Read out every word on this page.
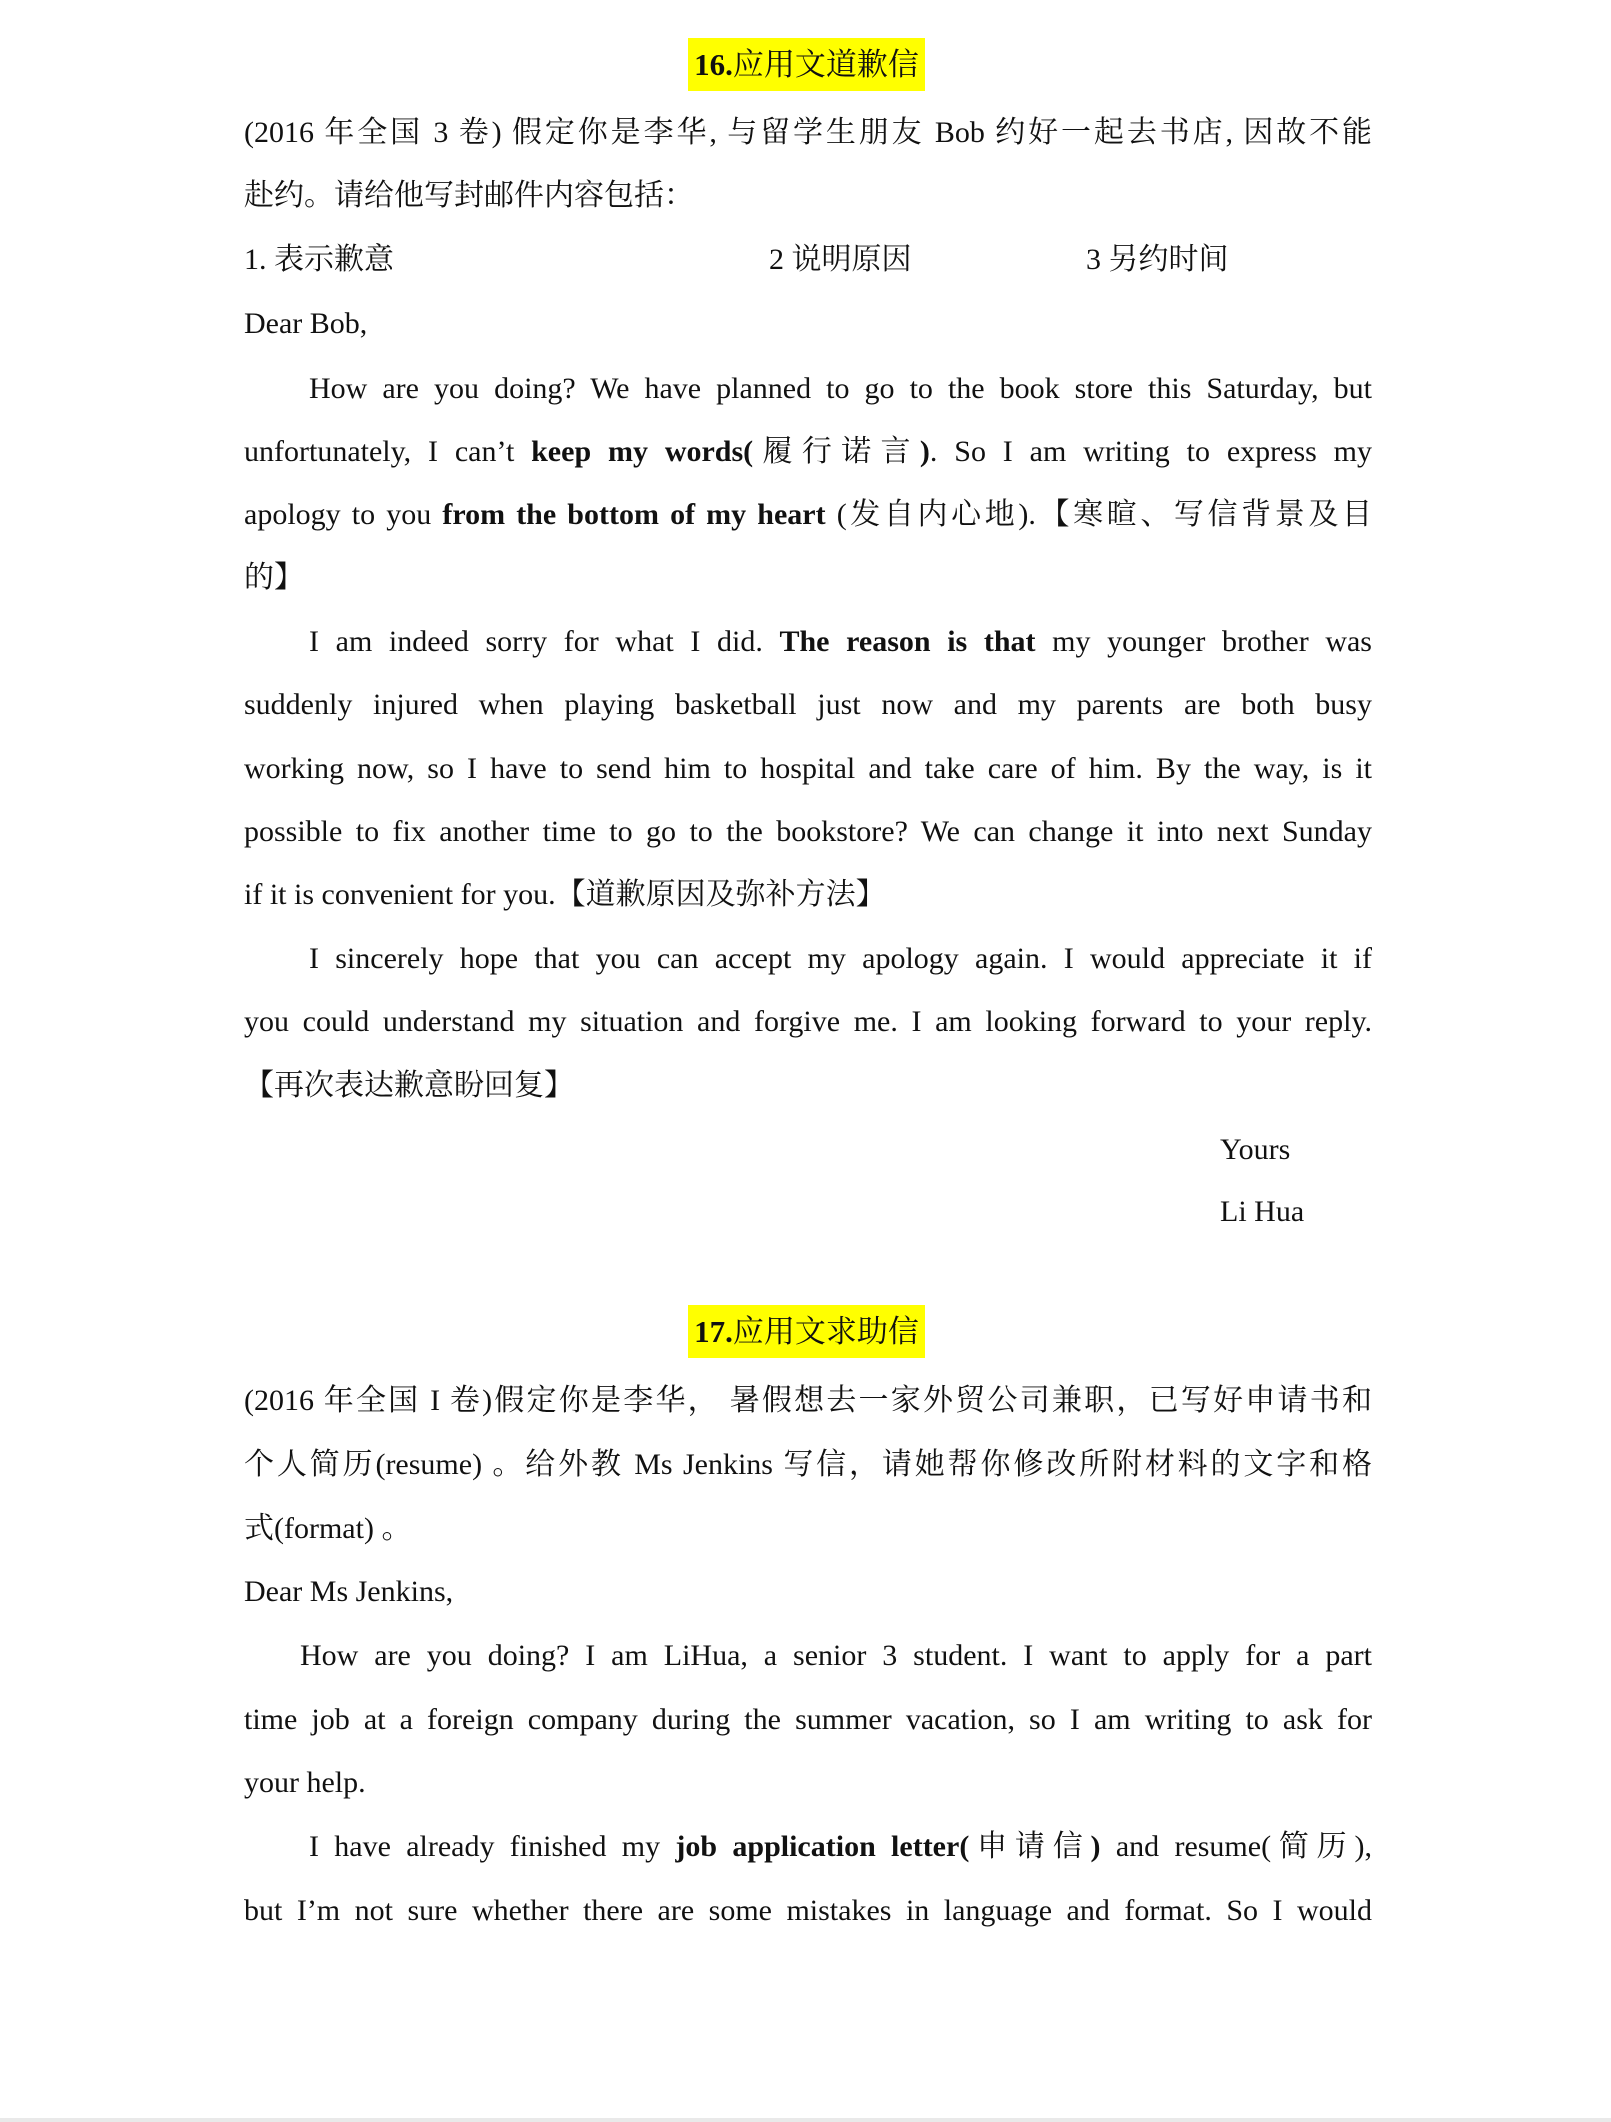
16.应用文道歉信
(2016 年全国 3 卷) 假定你是李华, 与留学生朋友 Bob 约好一起去书店, 因故不能
赴约。请给他写封邮件内容包括：
1. 表示歉意	2 说明原因	3 另约时间
Dear Bob,
How are you doing? We have planned to go to the book store this Saturday, but
unfortunately, I can’t keep my words(履行诺言). So I am writing to express my
apology to you from the bottom of my heart (发自内心地).【寒暄、写信背景及目
的】
I am indeed sorry for what I did. The reason is that my younger brother was
suddenly injured when playing basketball just now and my parents are both busy
working now, so I have to send him to hospital and take care of him. By the way, is it
possible to fix another time to go to the bookstore? We can change it into next Sunday
if it is convenient for you.【道歉原因及弥补方法】
I sincerely hope that you can accept my apology again. I would appreciate it if
you could understand my situation and forgive me. I am looking forward to your reply.
【再次表达歉意盼回复】
Yours
Li Hua
17.应用文求助信
(2016 年全国 I 卷)假定你是李华， 暑假想去一家外贸公司兼职，已写好申请书和
个人简历(resume) 。给外教 Ms Jenkins 写信，请她帮你修改所附材料的文字和格
式(format) 。
Dear Ms Jenkins,
How are you doing? I am LiHua, a senior 3 student. I want to apply for a part
time job at a foreign company during the summer vacation, so I am writing to ask for
your help.
I have already finished my job application letter(申请信) and resume(简历),
but I’m not sure whether there are some mistakes in language and format. So I would
